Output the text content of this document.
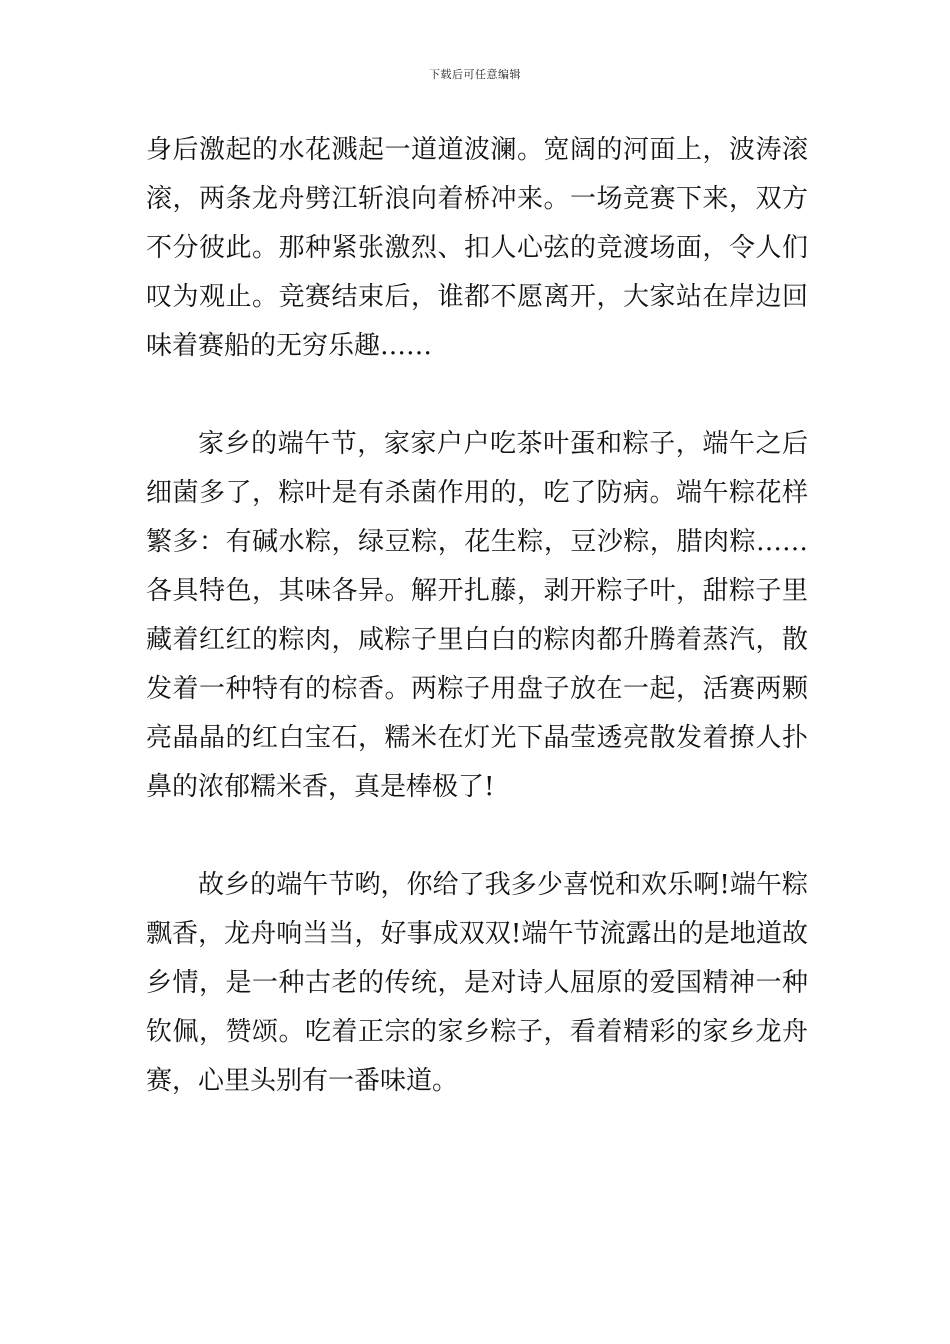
下载后可任意编辑
身后激起的水花溅起一道道波澜。宽阔的河面上，波涛滚
滚，两条龙舟劈江斩浪向着桥冲来。一场竞赛下来，双方
不分彼此。那种紧张激烈、扣人心弦的竞渡场面，令人们
叹为观止。竞赛结束后，谁都不愿离开，大家站在岸边回
味着赛船的无穷乐趣……
家乡的端午节，家家户户吃茶叶蛋和粽子，端午之后
细菌多了，粽叶是有杀菌作用的，吃了防病。端午粽花样
繁多：有碱水粽，绿豆粽，花生粽，豆沙粽，腊肉粽……
各具特色，其味各异。解开扎藤，剥开粽子叶，甜粽子里
藏着红红的粽肉，咸粽子里白白的粽肉都升腾着蒸汽，散
发着一种特有的棕香。两粽子用盘子放在一起，活赛两颗
亮晶晶的红白宝石，糯米在灯光下晶莹透亮散发着撩人扑
鼻的浓郁糯米香，真是棒极了!
故乡的端午节哟，你给了我多少喜悦和欢乐啊!端午粽
飘香，龙舟响当当，好事成双双!端午节流露出的是地道故
乡情，是一种古老的传统，是对诗人屈原的爱国精神一种
钦佩，赞颂。吃着正宗的家乡粽子，看着精彩的家乡龙舟
赛，心里头别有一番味道。
